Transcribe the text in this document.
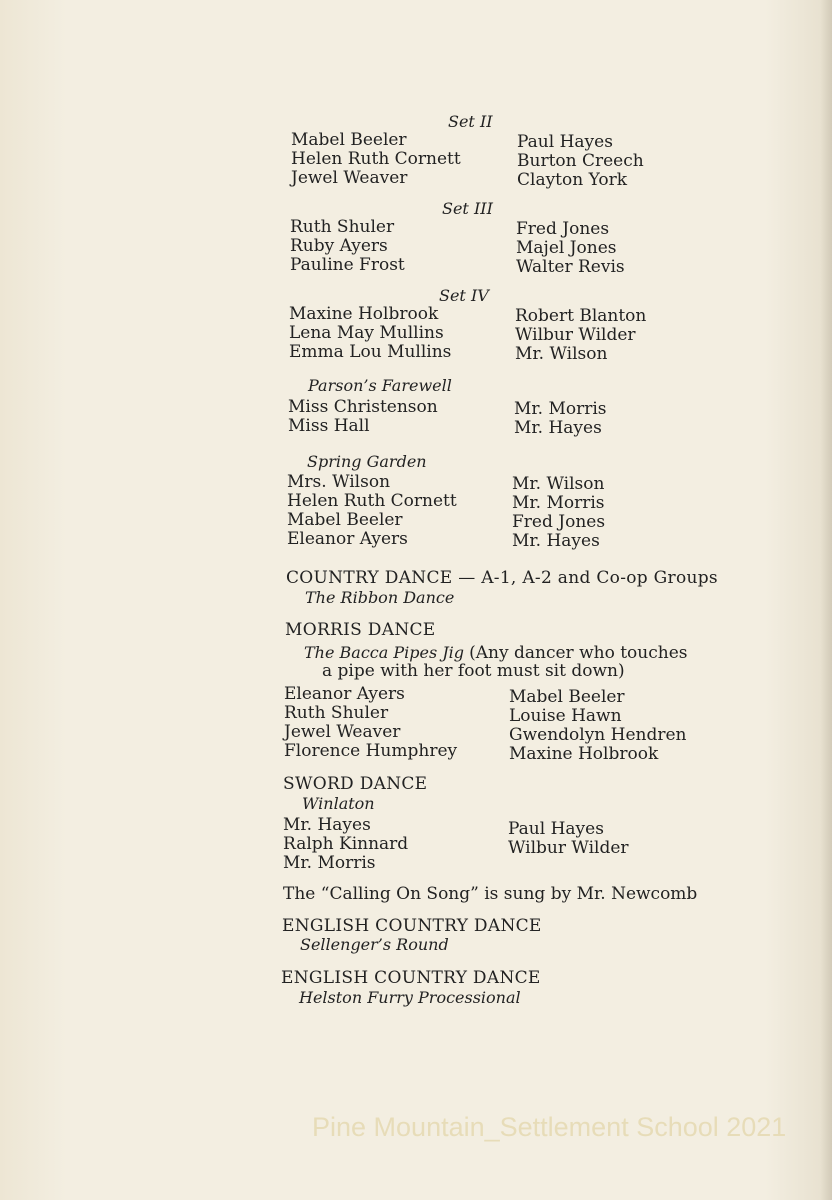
Set II
Mabel Beeler
Helen Ruth Cornett
Jewel Weaver
Paul Hayes
Burton Creech
Clayton York
Set III
Ruth Shuler
Ruby Ayers
Pauline Frost
Fred Jones
Majel Jones
Walter Revis
Set IV
Maxine Holbrook
Lena May Mullins
Emma Lou Mullins
Robert Blanton
Wilbur Wilder
Mr. Wilson
Parson’s Farewell
Miss Christenson
Miss Hall
Mr. Morris
Mr. Hayes
Spring Garden
Mrs. Wilson
Helen Ruth Cornett
Mabel Beeler
Eleanor Ayers
Mr. Wilson
Mr. Morris
Fred Jones
Mr. Hayes
COUNTRY DANCE — A-1, A-2 and Co-op Groups
The Ribbon Dance
MORRIS DANCE
The Bacca Pipes Jig (Any dancer who touches
a pipe with her foot must sit down)
Eleanor Ayers
Ruth Shuler
Jewel Weaver
Florence Humphrey
Mabel Beeler
Louise Hawn
Gwendolyn Hendren
Maxine Holbrook
SWORD DANCE
Winlaton
Mr. Hayes
Ralph Kinnard
Mr. Morris
Paul Hayes
Wilbur Wilder
The “Calling On Song” is sung by Mr. Newcomb
ENGLISH COUNTRY DANCE
Sellenger’s Round
ENGLISH COUNTRY DANCE
Helston Furry Processional
Pine Mountain_Settlement School 2021
